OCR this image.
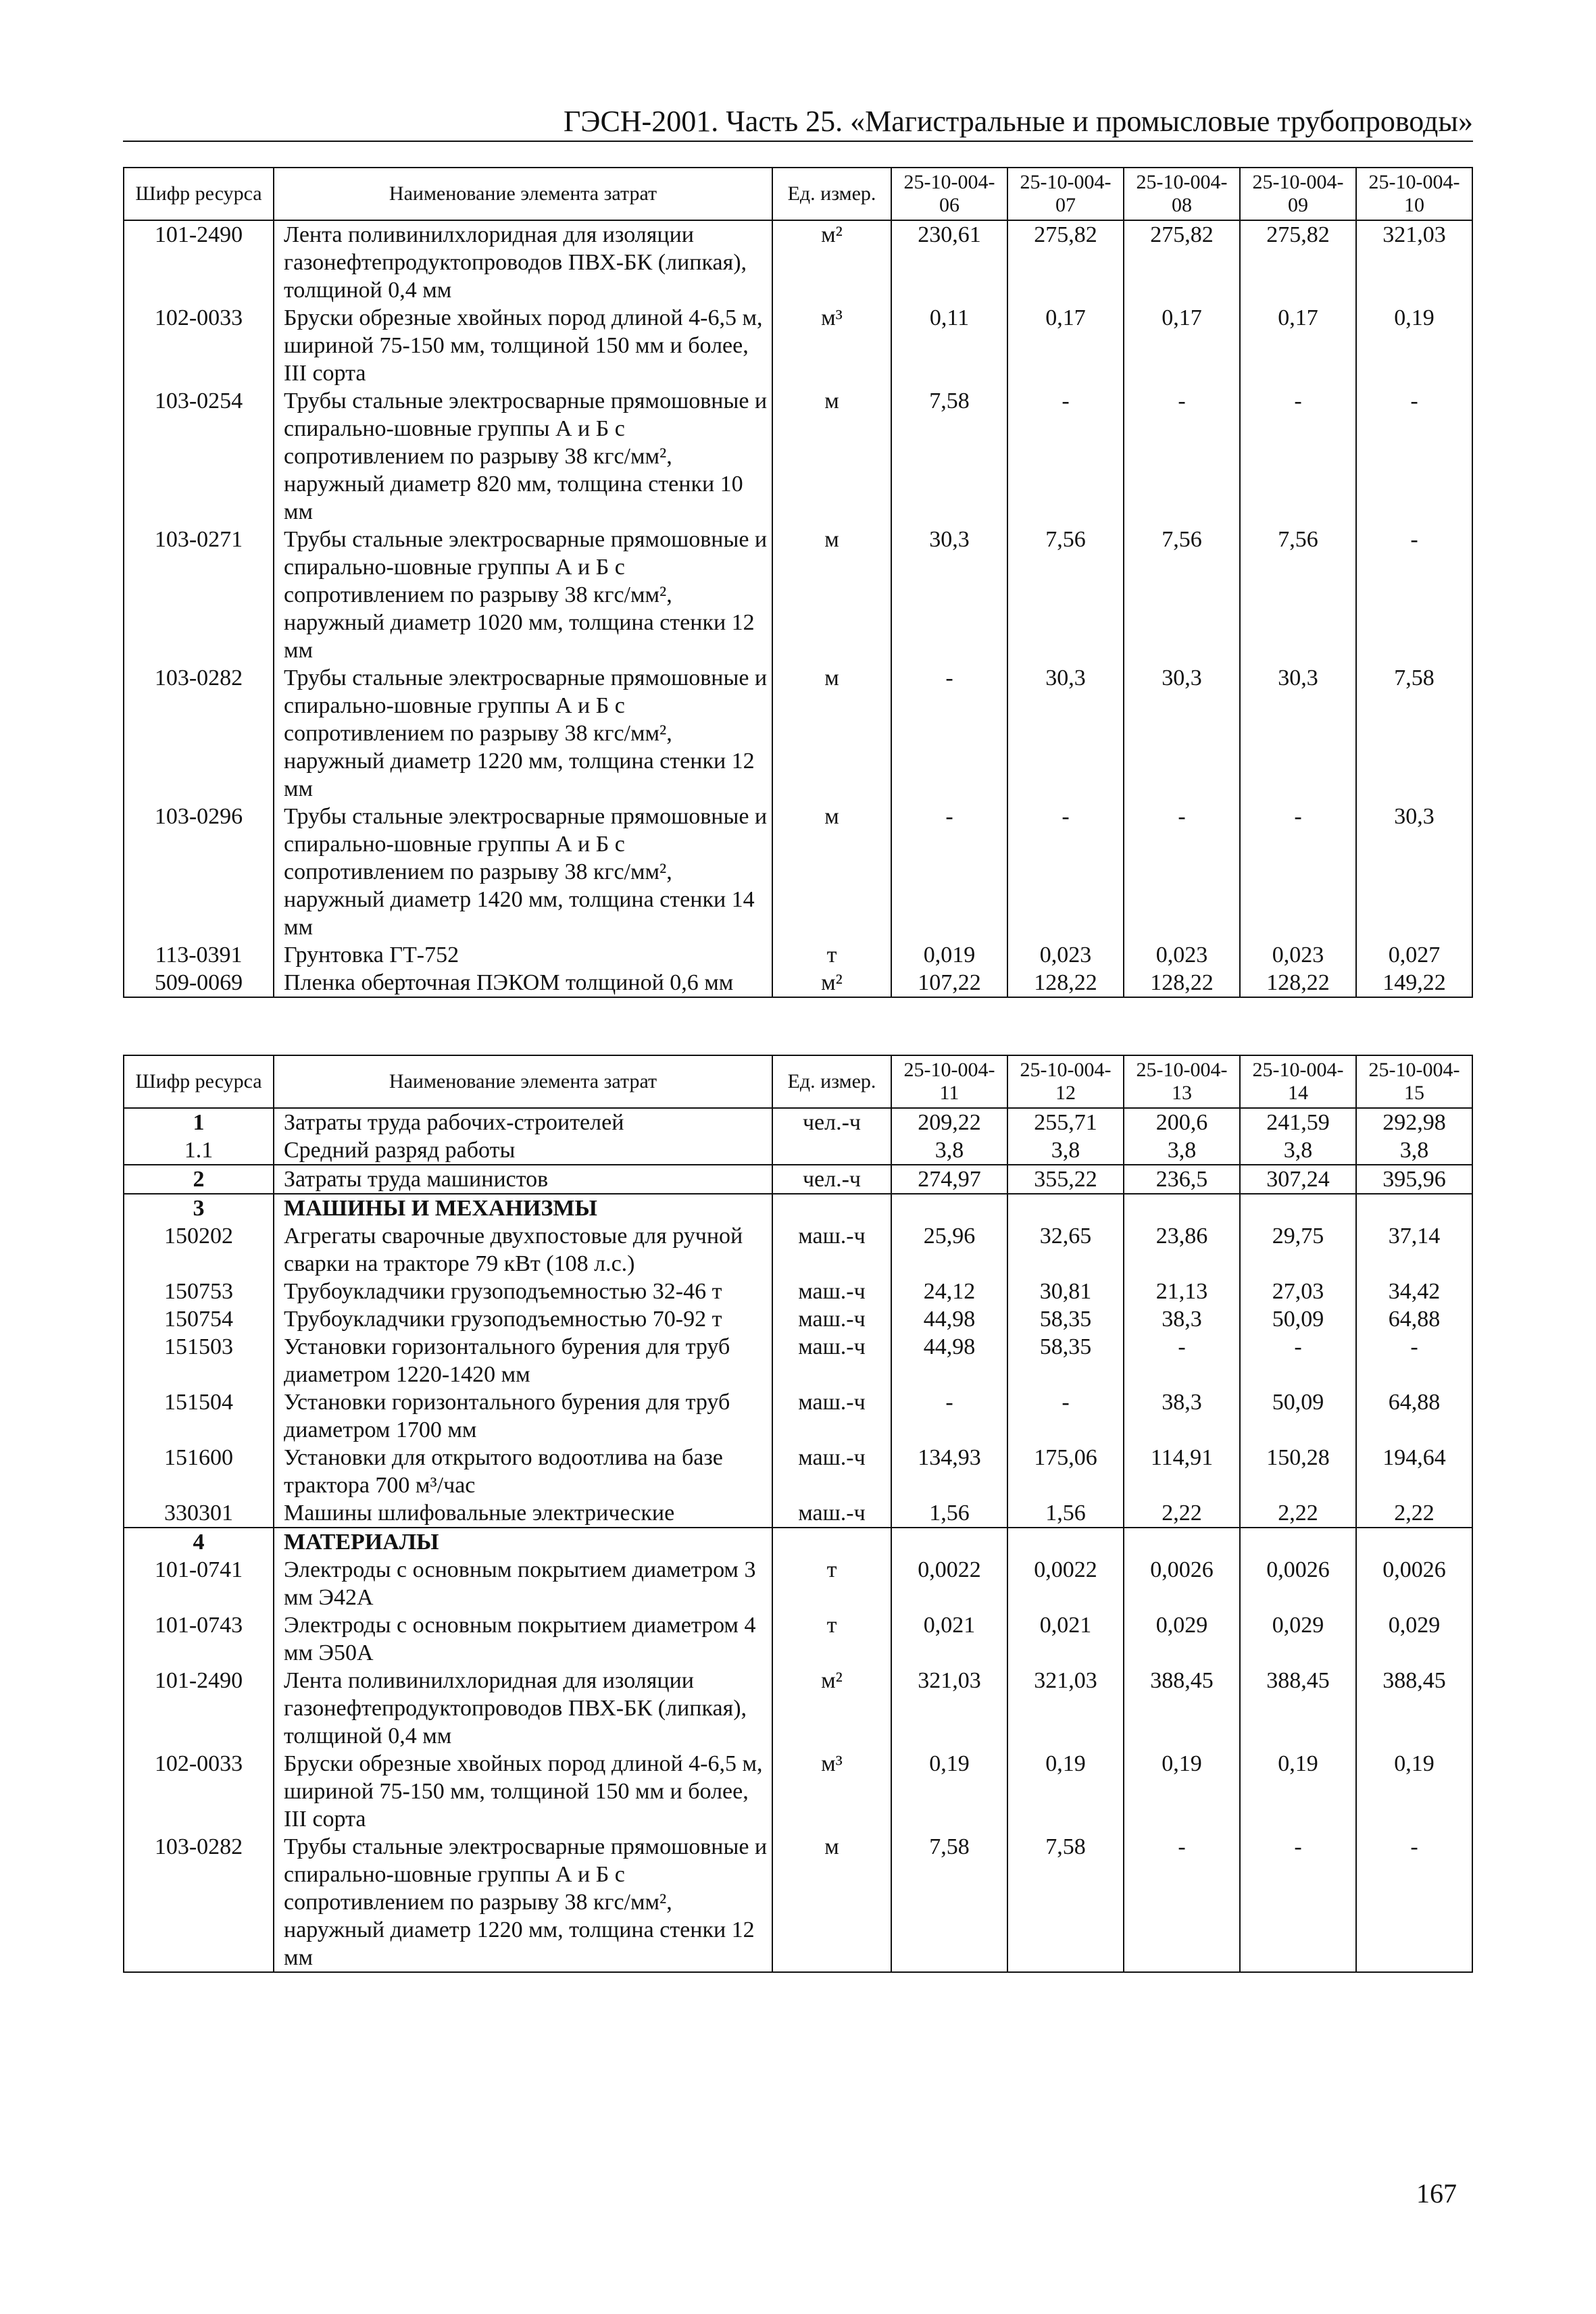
ГЭСН-2001. Часть 25. «Магистральные и промысловые трубопроводы»
Шифр ресурса	Наименование элемента затрат	Ед. измер.	25-10-004-06	25-10-004-07	25-10-004-08	25-10-004-09	25-10-004-10
101-2490	Лента поливинилхлоридная для изоляции газонефтепродуктопроводов ПВХ-БК (липкая), толщиной 0,4 мм	м²	230,61	275,82	275,82	275,82	321,03
102-0033	Бруски обрезные хвойных пород длиной 4-6,5 м, шириной 75-150 мм, толщиной 150 мм и более, III сорта	м³	0,11	0,17	0,17	0,17	0,19
103-0254	Трубы стальные электросварные прямошовные и спирально-шовные группы А и Б с сопротивлением по разрыву 38 кгс/мм², наружный диаметр 820 мм, толщина стенки 10 мм	м	7,58	-	-	-	-
103-0271	Трубы стальные электросварные прямошовные и спирально-шовные группы А и Б с сопротивлением по разрыву 38 кгс/мм², наружный диаметр 1020 мм, толщина стенки 12 мм	м	30,3	7,56	7,56	7,56	-
103-0282	Трубы стальные электросварные прямошовные и спирально-шовные группы А и Б с сопротивлением по разрыву 38 кгс/мм², наружный диаметр 1220 мм, толщина стенки 12 мм	м	-	30,3	30,3	30,3	7,58
103-0296	Трубы стальные электросварные прямошовные и спирально-шовные группы А и Б с сопротивлением по разрыву 38 кгс/мм², наружный диаметр 1420 мм, толщина стенки 14 мм	м	-	-	-	-	30,3
113-0391	Грунтовка ГТ-752	т	0,019	0,023	0,023	0,023	0,027
509-0069	Пленка оберточная ПЭКОМ толщиной 0,6 мм	м²	107,22	128,22	128,22	128,22	149,22
Шифр ресурса	Наименование элемента затрат	Ед. измер.	25-10-004-11	25-10-004-12	25-10-004-13	25-10-004-14	25-10-004-15
1	Затраты труда рабочих-строителей	чел.-ч	209,22	255,71	200,6	241,59	292,98
1.1	Средний разряд работы		3,8	3,8	3,8	3,8	3,8
2	Затраты труда машинистов	чел.-ч	274,97	355,22	236,5	307,24	395,96
3	МАШИНЫ И МЕХАНИЗМЫ						
150202	Агрегаты сварочные двухпостовые для ручной сварки на тракторе 79 кВт (108 л.с.)	маш.-ч	25,96	32,65	23,86	29,75	37,14
150753	Трубоукладчики грузоподъемностью 32-46 т	маш.-ч	24,12	30,81	21,13	27,03	34,42
150754	Трубоукладчики грузоподъемностью 70-92 т	маш.-ч	44,98	58,35	38,3	50,09	64,88
151503	Установки горизонтального бурения для труб диаметром 1220-1420 мм	маш.-ч	44,98	58,35	-	-	-
151504	Установки горизонтального бурения для труб диаметром 1700 мм	маш.-ч	-	-	38,3	50,09	64,88
151600	Установки для открытого водоотлива на базе трактора 700 м³/час	маш.-ч	134,93	175,06	114,91	150,28	194,64
330301	Машины шлифовальные электрические	маш.-ч	1,56	1,56	2,22	2,22	2,22
4	МАТЕРИАЛЫ						
101-0741	Электроды с основным покрытием диаметром 3 мм Э42А	т	0,0022	0,0022	0,0026	0,0026	0,0026
101-0743	Электроды с основным покрытием диаметром 4 мм Э50А	т	0,021	0,021	0,029	0,029	0,029
101-2490	Лента поливинилхлоридная для изоляции газонефтепродуктопроводов ПВХ-БК (липкая), толщиной 0,4 мм	м²	321,03	321,03	388,45	388,45	388,45
102-0033	Бруски обрезные хвойных пород длиной 4-6,5 м, шириной 75-150 мм, толщиной 150 мм и более, III сорта	м³	0,19	0,19	0,19	0,19	0,19
103-0282	Трубы стальные электросварные прямошовные и спирально-шовные группы А и Б с сопротивлением по разрыву 38 кгс/мм², наружный диаметр 1220 мм, толщина стенки 12 мм	м	7,58	7,58	-	-	-
167
